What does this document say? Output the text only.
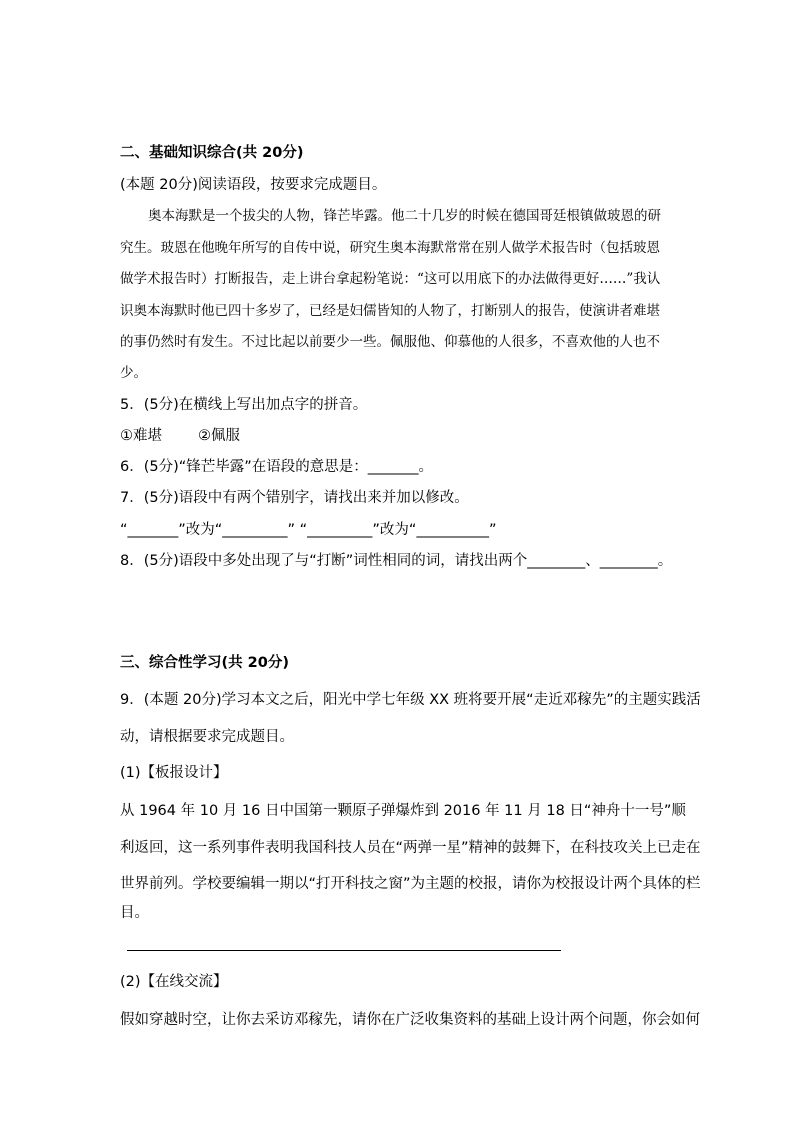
二、基础知识综合(共 20分)
(本题 20分)阅读语段，按要求完成题目。
奥本海默是一个拔尖的人物，锋芒毕露。他二十几岁的时候在德国哥廷根镇做玻恩的研
究生。玻恩在他晚年所写的自传中说，研究生奥本海默常常在别人做学术报告时（包括玻恩
做学术报告时）打断报告，走上讲台拿起粉笔说：“这可以用底下的办法做得更好……”我认
识奥本海默时他已四十多岁了，已经是妇儒皆知的人物了，打断别人的报告，使演讲者难堪
的事仍然时有发生。不过比起以前要少一些。佩服他、仰慕他的人很多，不喜欢他的人也不
少。
5．(5分)在横线上写出加点字的拼音。
①难堪 ②佩服
6．(5分)“锋芒毕露”在语段的意思是：_______。
7．(5分)语段中有两个错别字，请找出来并加以修改。
“_______”改为“_________” “_________”改为“__________”
8．(5分)语段中多处出现了与“打断”词性相同的词，请找出两个________、________。
三、综合性学习(共 20分)
9．(本题 20分)学习本文之后，阳光中学七年级 XX 班将要开展“走近邓稼先”的主题实践活
动，请根据要求完成题目。
(1)【板报设计】
从 1964 年 10 月 16 日中国第一颗原子弹爆炸到 2016 年 11 月 18 日“神舟十一号”顺
利返回，这一系列事件表明我国科技人员在“两弹一星”精神的鼓舞下，在科技攻关上已走在
世界前列。学校要编辑一期以“打开科技之窗”为主题的校报，请你为校报设计两个具体的栏
目。
(2)【在线交流】
假如穿越时空，让你去采访邓稼先，请你在广泛收集资料的基础上设计两个问题，你会如何
